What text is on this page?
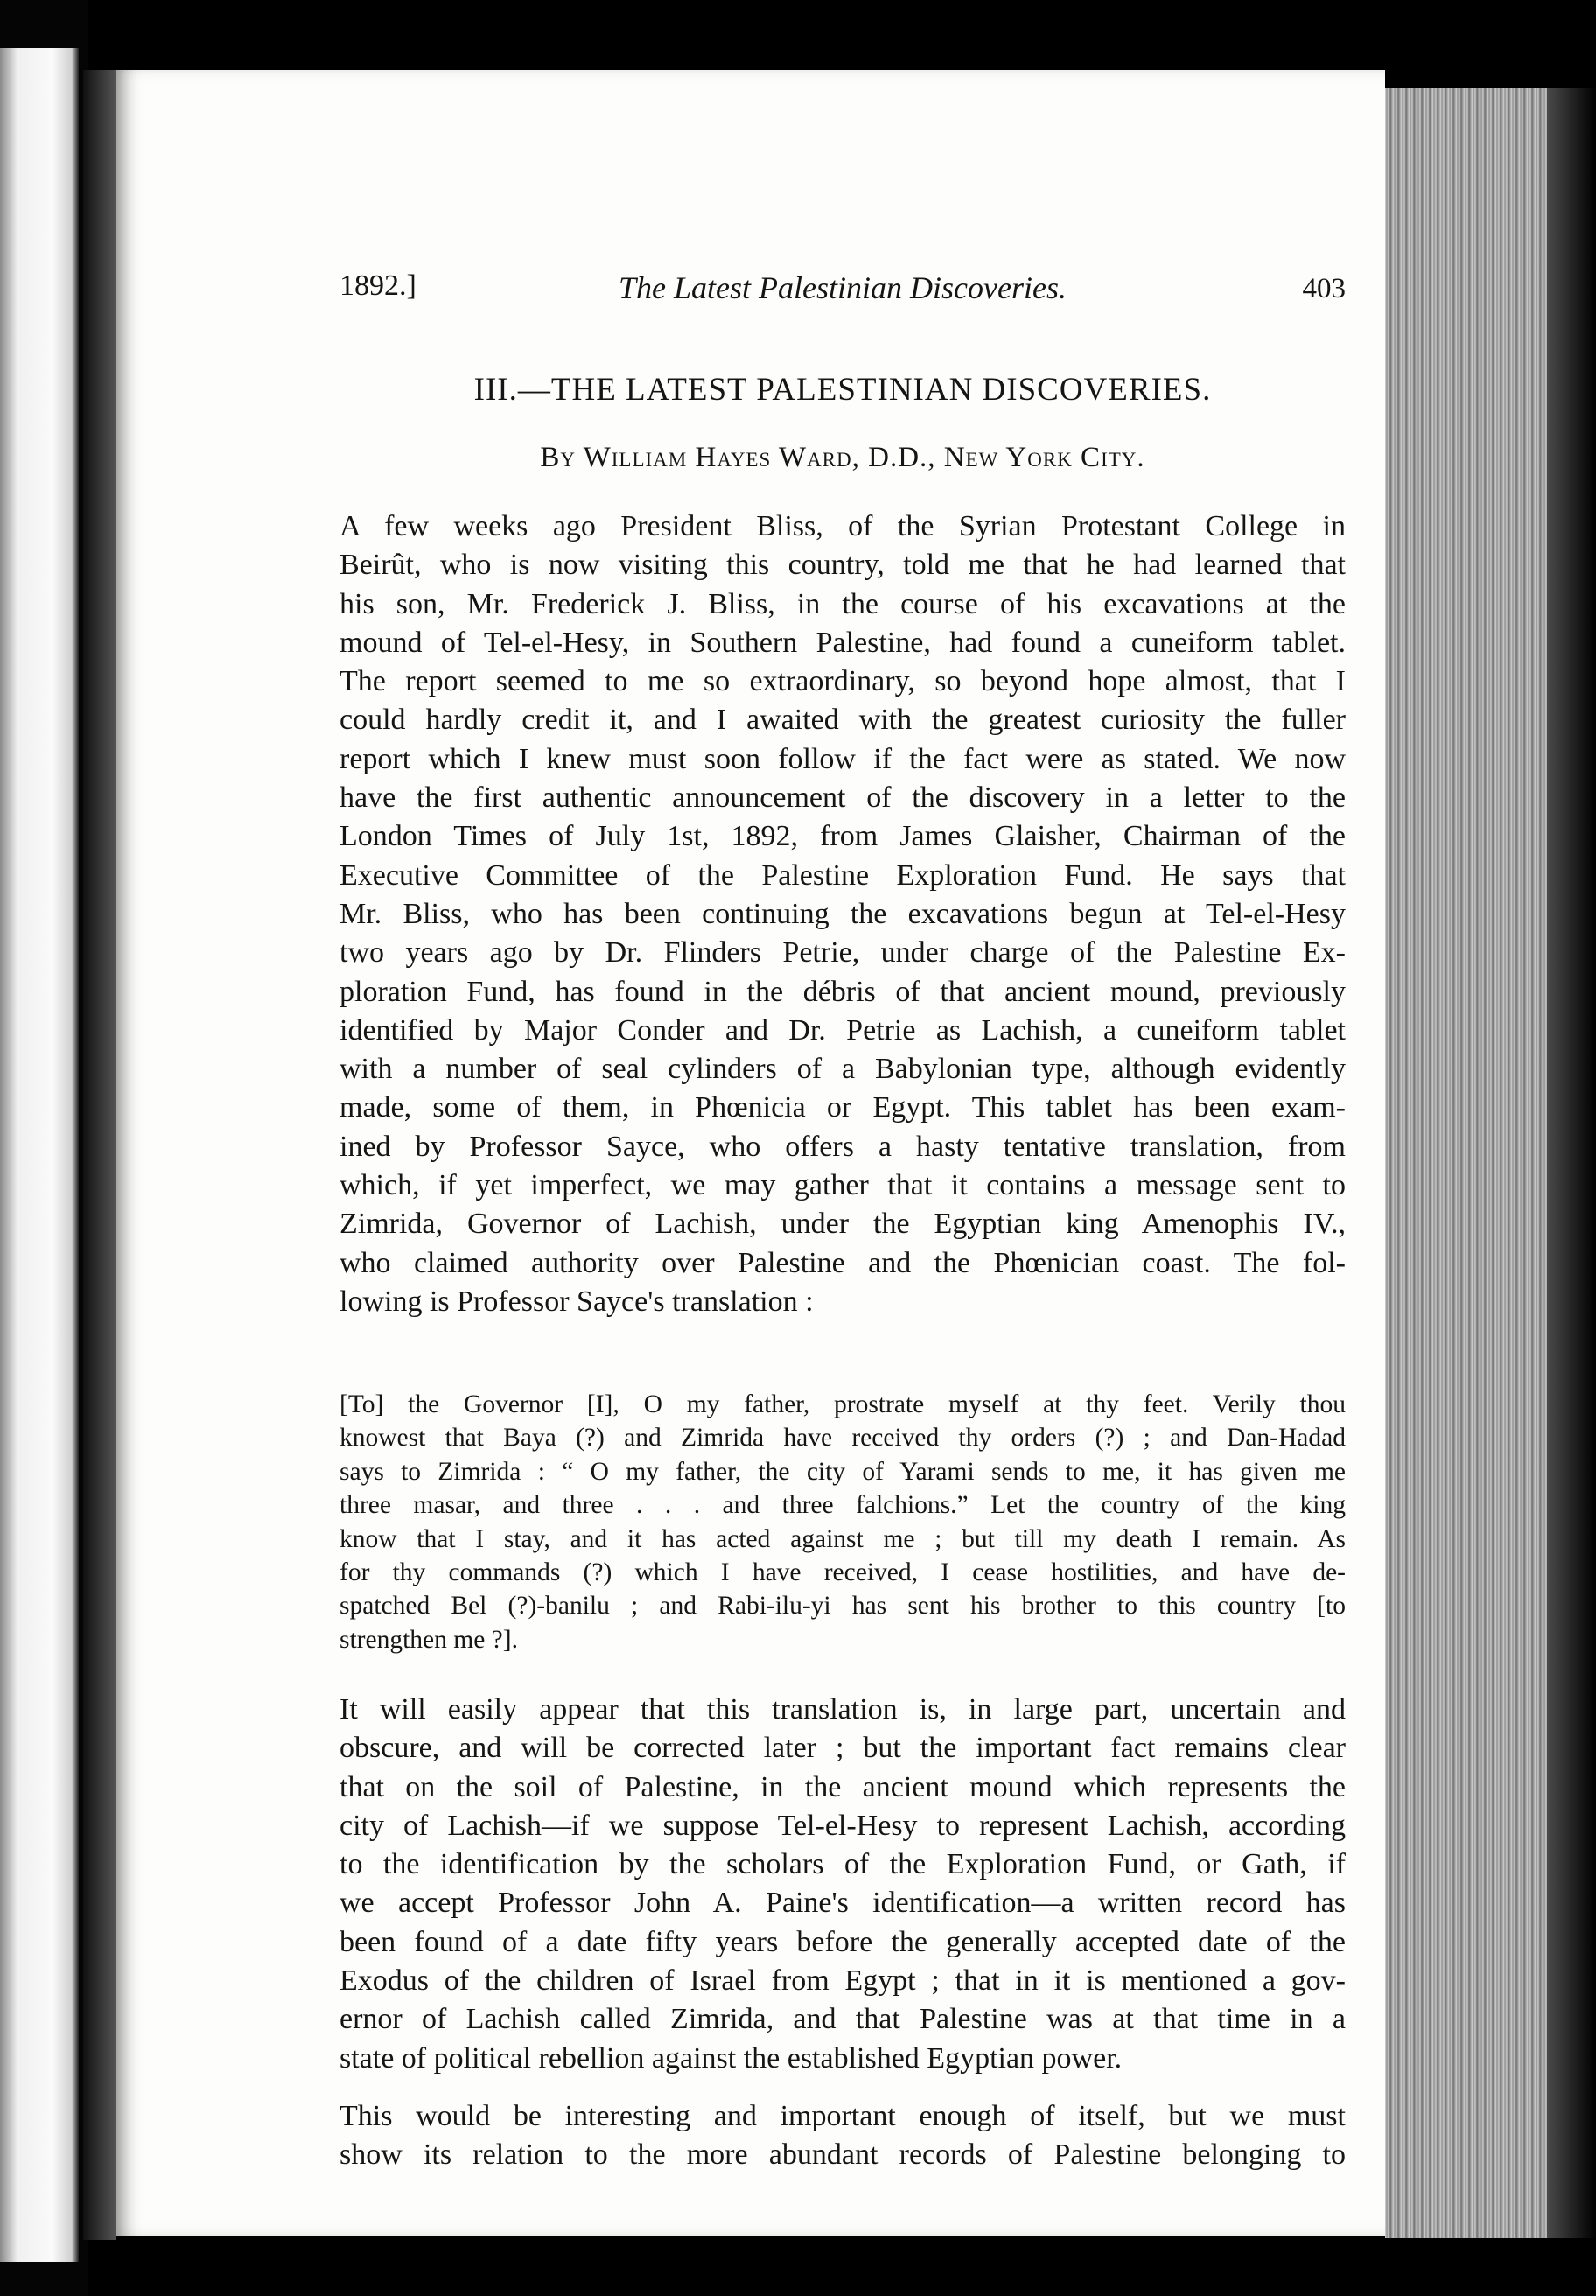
1892.]	The Latest Palestinian Discoveries.	403
III.—THE LATEST PALESTINIAN DISCOVERIES.
By William Hayes Ward, D.D., New York City.
A few weeks ago President Bliss, of the Syrian Protestant College in
Beirût, who is now visiting this country, told me that he had learned that
his son, Mr. Frederick J. Bliss, in the course of his excavations at the
mound of Tel-el-Hesy, in Southern Palestine, had found a cuneiform tablet.
The report seemed to me so extraordinary, so beyond hope almost, that I
could hardly credit it, and I awaited with the greatest curiosity the fuller
report which I knew must soon follow if the fact were as stated. We now
have the first authentic announcement of the discovery in a letter to the
London Times of July 1st, 1892, from James Glaisher, Chairman of the
Executive Committee of the Palestine Exploration Fund. He says that
Mr. Bliss, who has been continuing the excavations begun at Tel-el-Hesy
two years ago by Dr. Flinders Petrie, under charge of the Palestine Ex-
ploration Fund, has found in the débris of that ancient mound, previously
identified by Major Conder and Dr. Petrie as Lachish, a cuneiform tablet
with a number of seal cylinders of a Babylonian type, although evidently
made, some of them, in Phœnicia or Egypt. This tablet has been exam-
ined by Professor Sayce, who offers a hasty tentative translation, from
which, if yet imperfect, we may gather that it contains a message sent to
Zimrida, Governor of Lachish, under the Egyptian king Amenophis IV.,
who claimed authority over Palestine and the Phœnician coast. The fol-
lowing is Professor Sayce's translation :
[To] the Governor [I], O my father, prostrate myself at thy feet. Verily thou
knowest that Baya (?) and Zimrida have received thy orders (?) ; and Dan-Hadad
says to Zimrida : “ O my father, the city of Yarami sends to me, it has given me
three masar, and three . . . and three falchions.” Let the country of the king
know that I stay, and it has acted against me ; but till my death I remain. As
for thy commands (?) which I have received, I cease hostilities, and have de-
spatched Bel (?)-banilu ; and Rabi-ilu-yi has sent his brother to this country [to
strengthen me ?].
It will easily appear that this translation is, in large part, uncertain and
obscure, and will be corrected later ; but the important fact remains clear
that on the soil of Palestine, in the ancient mound which represents the
city of Lachish—if we suppose Tel-el-Hesy to represent Lachish, according
to the identification by the scholars of the Exploration Fund, or Gath, if
we accept Professor John A. Paine's identification—a written record has
been found of a date fifty years before the generally accepted date of the
Exodus of the children of Israel from Egypt ; that in it is mentioned a gov-
ernor of Lachish called Zimrida, and that Palestine was at that time in a
state of political rebellion against the established Egyptian power.
This would be interesting and important enough of itself, but we must
show its relation to the more abundant records of Palestine belonging to
